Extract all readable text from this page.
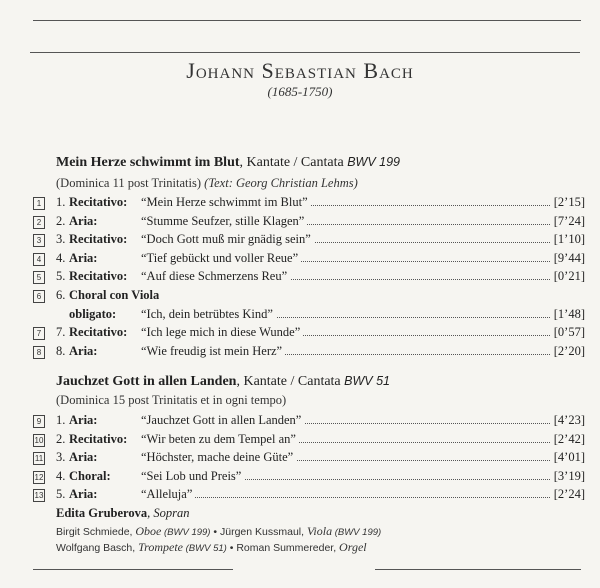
Johann Sebastian Bach
(1685-1750)
Mein Herze schwimmt im Blut, Kantate / Cantata BWV 199
(Dominica 11 post Trinitatis) (Text: Georg Christian Lehms)
1	1. Recitativo: “Mein Herze schwimmt im Blut”	[2’15]
2	2. Aria:	“Stumme Seufzer, stille Klagen”	[7’24]
3	3. Recitativo: “Doch Gott muß mir gnädig sein”	[1’10]
4	4. Aria:	“Tief gebückt und voller Reue”	[9’44]
5	5. Recitativo: “Auf diese Schmerzens Reu”	[0’21]
6	6. Choral con Viola
obligato: “Ich, dein betrübtes Kind”	[1’48]
7	7. Recitativo: “Ich lege mich in diese Wunde”	[0’57]
8	8. Aria:	“Wie freudig ist mein Herz”	[2’20]
Jauchzet Gott in allen Landen, Kantate / Cantata BWV 51
(Dominica 15 post Trinitatis et in ogni tempo)
9	1. Aria:	“Jauchzet Gott in allen Landen”	[4’23]
10 2. Recitativo: “Wir beten zu dem Tempel an”	[2’42]
11 3. Aria:	“Höchster, mache deine Güte”	[4’01]
12 4. Choral: “Sei Lob und Preis”	[3’19]
13 5. Aria:	“Alleluja”	[2’24]
Edita Gruberova, Sopran
Birgit Schmiede, Oboe (BWV 199) • Jürgen Kussmaul, Viola (BWV 199)
Wolfgang Basch, Trompete (BWV 51) • Roman Summereder, Orgel
